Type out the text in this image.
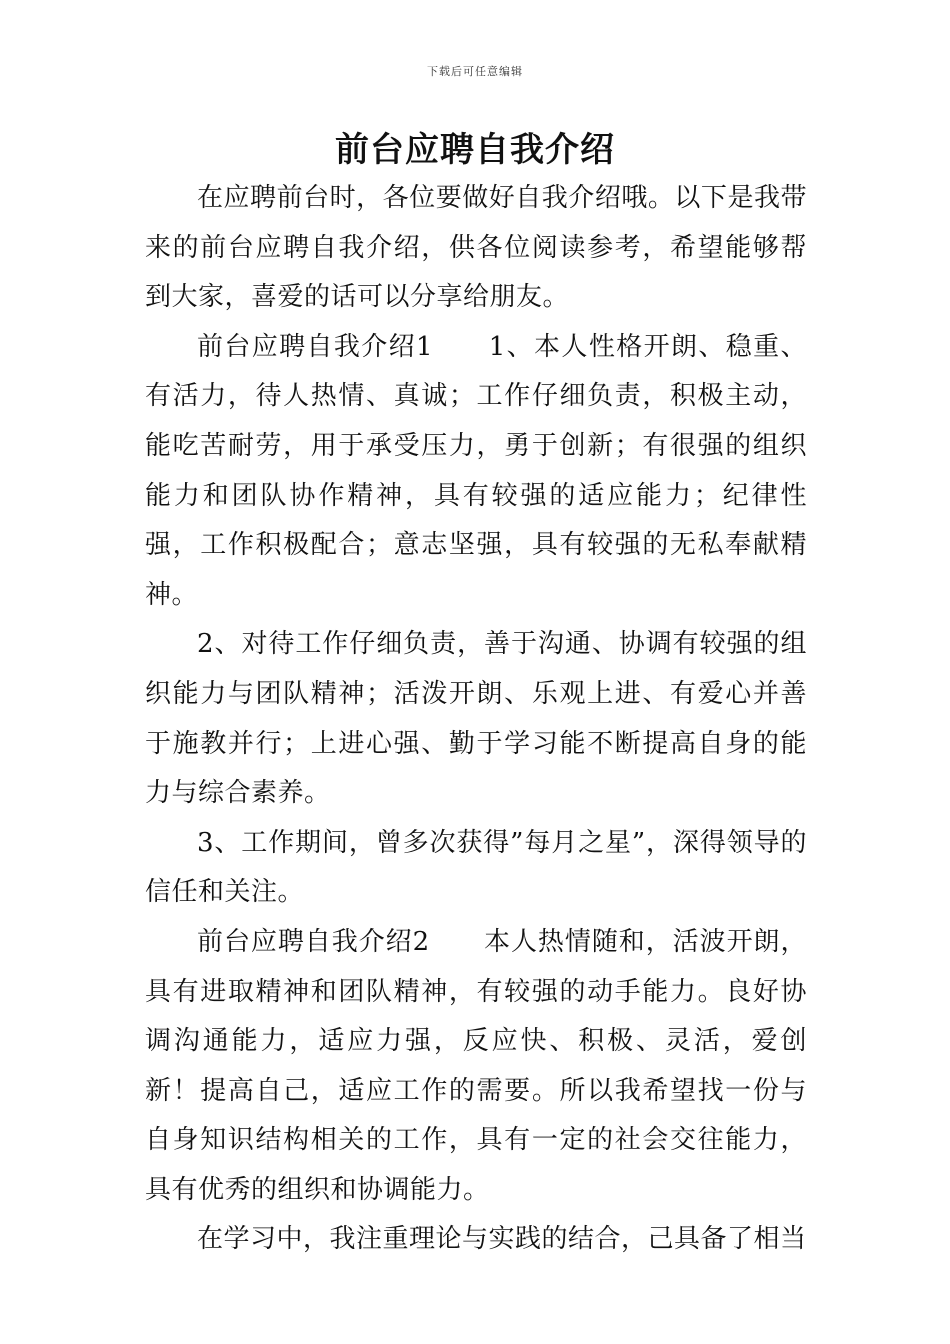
下载后可任意编辑
前台应聘自我介绍

在应聘前台时，各位要做好自我介绍哦。以下是我带来的前台应聘自我介绍，供各位阅读参考，希望能够帮到大家，喜爱的话可以分享给朋友。

前台应聘自我介绍1　　1、本人性格开朗、稳重、有活力，待人热情、真诚；工作仔细负责，积极主动，能吃苦耐劳，用于承受压力，勇于创新；有很强的组织能力和团队协作精神，具有较强的适应能力；纪律性强，工作积极配合；意志坚强，具有较强的无私奉献精神。

2、对待工作仔细负责，善于沟通、协调有较强的组织能力与团队精神；活泼开朗、乐观上进、有爱心并善于施教并行；上进心强、勤于学习能不断提高自身的能力与综合素养。

3、工作期间，曾多次获得”每月之星”，深得领导的信任和关注。

前台应聘自我介绍2　　本人热情随和，活波开朗，具有进取精神和团队精神，有较强的动手能力。良好协调沟通能力，适应力强，反应快、积极、灵活，爱创新！提高自己，适应工作的需要。所以我希望找一份与自身知识结构相关的工作，具有一定的社会交往能力，具有优秀的组织和协调能力。

在学习中，我注重理论与实践的结合，己具备了相当
